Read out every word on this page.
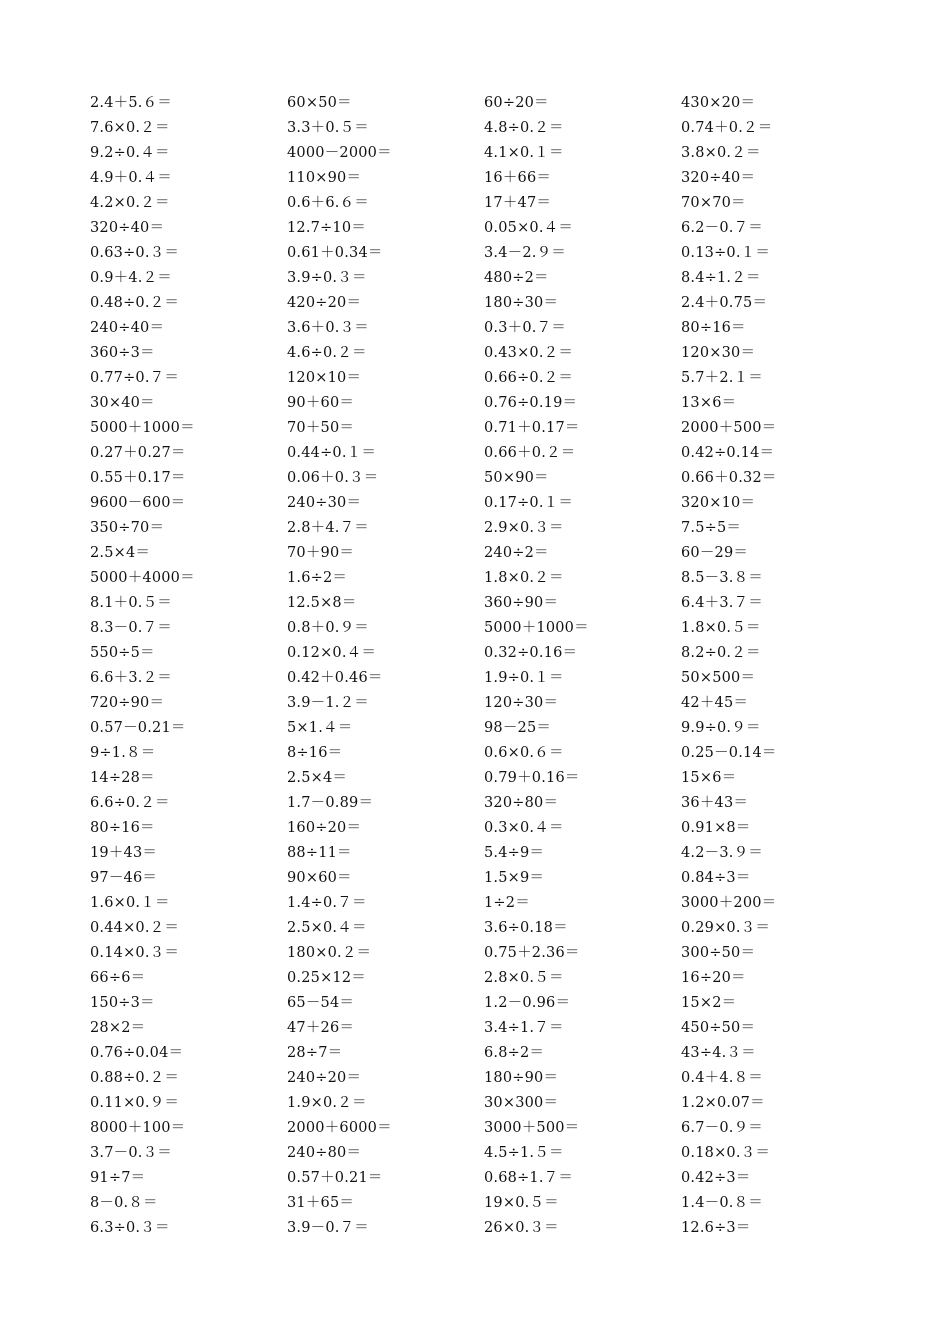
2.4＋5.６＝	60×50＝	60÷20＝	430×20＝
7.6×0.２＝	3.3＋0.５＝	4.8÷0.２＝	0.74＋0.２＝
9.2÷0.４＝	4000－2000＝	4.1×0.１＝	3.8×0.２＝
4.9＋0.４＝	110×90＝	16＋66＝	320÷40＝
4.2×0.２＝	0.6＋6.６＝	17＋47＝	70×70＝
320÷40＝	12.7÷10＝	0.05×0.４＝	6.2－0.７＝
0.63÷0.３＝	0.61＋0.34＝	3.4－2.９＝	0.13÷0.１＝
0.9＋4.２＝	3.9÷0.３＝	480÷2＝	8.4÷1.２＝
0.48÷0.２＝	420÷20＝	180÷30＝	2.4＋0.75＝
240÷40＝	3.6＋0.３＝	0.3＋0.７＝	80÷16＝
360÷3＝	4.6÷0.２＝	0.43×0.２＝	120×30＝
0.77÷0.７＝	120×10＝	0.66÷0.２＝	5.7＋2.１＝
30×40＝	90＋60＝	0.76÷0.19＝	13×6＝
5000＋1000＝	70＋50＝	0.71＋0.17＝	2000＋500＝
0.27＋0.27＝	0.44÷0.１＝	0.66＋0.２＝	0.42÷0.14＝
0.55＋0.17＝	0.06＋0.３＝	50×90＝	0.66＋0.32＝
9600－600＝	240÷30＝	0.17÷0.１＝	320×10＝
350÷70＝	2.8＋4.７＝	2.9×0.３＝	7.5÷5＝
2.5×4＝	70＋90＝	240÷2＝	60－29＝
5000＋4000＝	1.6÷2＝	1.8×0.２＝	8.5－3.８＝
8.1＋0.５＝	12.5×8＝	360÷90＝	6.4＋3.７＝
8.3－0.７＝	0.8＋0.９＝	5000＋1000＝	1.8×0.５＝
550÷5＝	0.12×0.４＝	0.32÷0.16＝	8.2÷0.２＝
6.6＋3.２＝	0.42＋0.46＝	1.9÷0.１＝	50×500＝
720÷90＝	3.9－1.２＝	120÷30＝	42＋45＝
0.57－0.21＝	5×1.４＝	98－25＝	9.9÷0.９＝
9÷1.８＝	8÷16＝	0.6×0.６＝	0.25－0.14＝
14÷28＝	2.5×4＝	0.79＋0.16＝	15×6＝
6.6÷0.２＝	1.7－0.89＝	320÷80＝	36＋43＝
80÷16＝	160÷20＝	0.3×0.４＝	0.91×8＝
19＋43＝	88÷11＝	5.4÷9＝	4.2－3.９＝
97－46＝	90×60＝	1.5×9＝	0.84÷3＝
1.6×0.１＝	1.4÷0.７＝	1÷2＝	3000＋200＝
0.44×0.２＝	2.5×0.４＝	3.6÷0.18＝	0.29×0.３＝
0.14×0.３＝	180×0.２＝	0.75＋2.36＝	300÷50＝
66÷6＝	0.25×12＝	2.8×0.５＝	16÷20＝
150÷3＝	65－54＝	1.2－0.96＝	15×2＝
28×2＝	47＋26＝	3.4÷1.７＝	450÷50＝
0.76÷0.04＝	28÷7＝	6.8÷2＝	43÷4.３＝
0.88÷0.２＝	240÷20＝	180÷90＝	0.4＋4.８＝
0.11×0.９＝	1.9×0.２＝	30×300＝	1.2×0.07＝
8000＋100＝	2000＋6000＝	3000＋500＝	6.7－0.９＝
3.7－0.３＝	240÷80＝	4.5÷1.５＝	0.18×0.３＝
91÷7＝	0.57＋0.21＝	0.68÷1.７＝	0.42÷3＝
8－0.８＝	31＋65＝	19×0.５＝	1.4－0.８＝
6.3÷0.３＝	3.9－0.７＝	26×0.３＝	12.6÷3＝
